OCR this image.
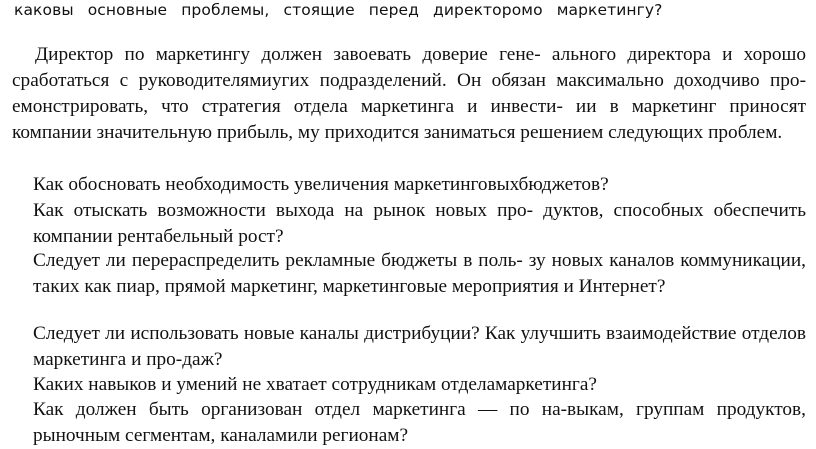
каковы основные проблемы, стоящие перед директоромо маркетингу?

Директор по маркетингу должен завоевать доверие гене- ального директора и хорошо сработаться с руководителямиугих подразделений. Он обязан максимально доходчиво про- емонстрировать, что стратегия отдела маркетинга и инвести- ии в маркетинг приносят компании значительную прибыль, му приходится заниматься решением следующих проблем.

Как обосновать необходимость увеличения маркетинговыхбюджетов?

Как отыскать возможности выхода на рынок новых про- дуктов, способных обеспечить компании рентабельный рост?

Следует ли перераспределить рекламные бюджеты в поль- зу новых каналов коммуникации, таких как пиар, прямой маркетинг, маркетинговые мероприятия и Интернет?

Следует ли использовать новые каналы дистрибуции? Как улучшить взаимодействие отделов маркетинга и про-даж?

Каких навыков и умений не хватает сотрудникам отделамаркетинга?

Как должен быть организован отдел маркетинга — по на-выкам, группам продуктов, рыночным сегментам, каналамили регионам?
